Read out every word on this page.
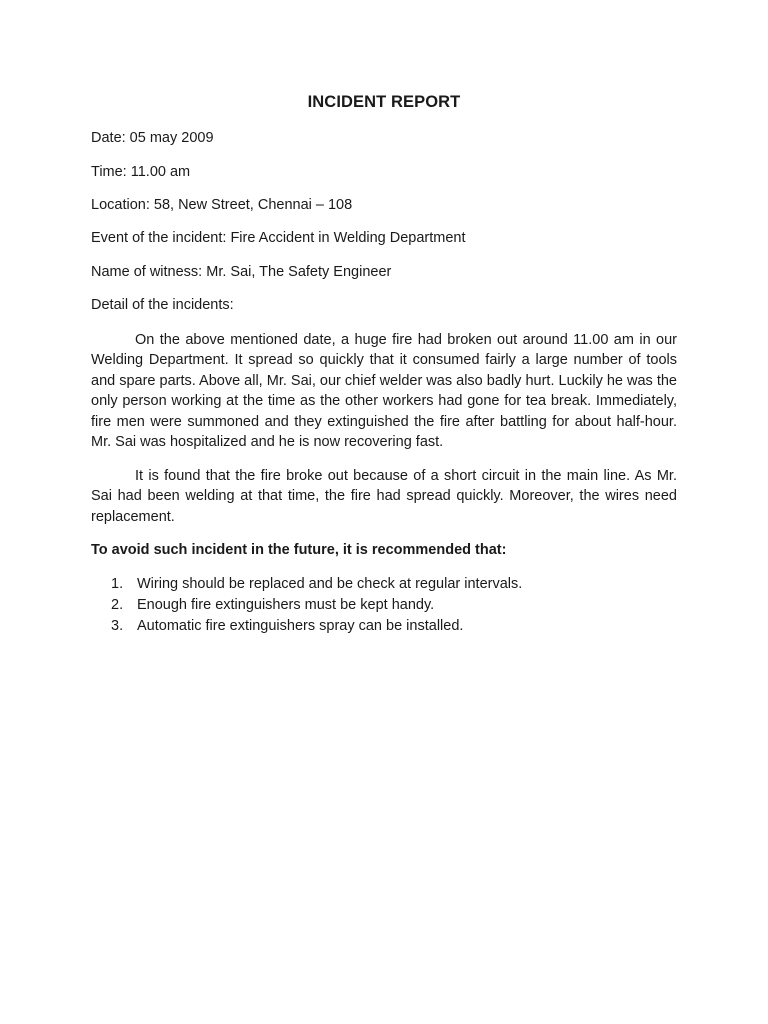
INCIDENT REPORT
Date: 05 may 2009
Time: 11.00 am
Location: 58, New Street, Chennai – 108
Event of the incident: Fire Accident in Welding Department
Name of witness: Mr. Sai, The Safety Engineer
Detail of the incidents:

On the above mentioned date, a huge fire had broken out around 11.00 am in our Welding Department. It spread so quickly that it consumed fairly a large number of tools and spare parts. Above all, Mr. Sai, our chief welder was also badly hurt. Luckily he was the only person working at the time as the other workers had gone for tea break. Immediately, fire men were summoned and they extinguished the fire after battling for about half-hour. Mr. Sai was hospitalized and he is now recovering fast.

It is found that the fire broke out because of a short circuit in the main line. As Mr. Sai had been welding at that time, the fire had spread quickly. Moreover, the wires need replacement.

To avoid such incident in the future, it is recommended that:
1. Wiring should be replaced and be check at regular intervals.
2. Enough fire extinguishers must be kept handy.
3. Automatic fire extinguishers spray can be installed.
